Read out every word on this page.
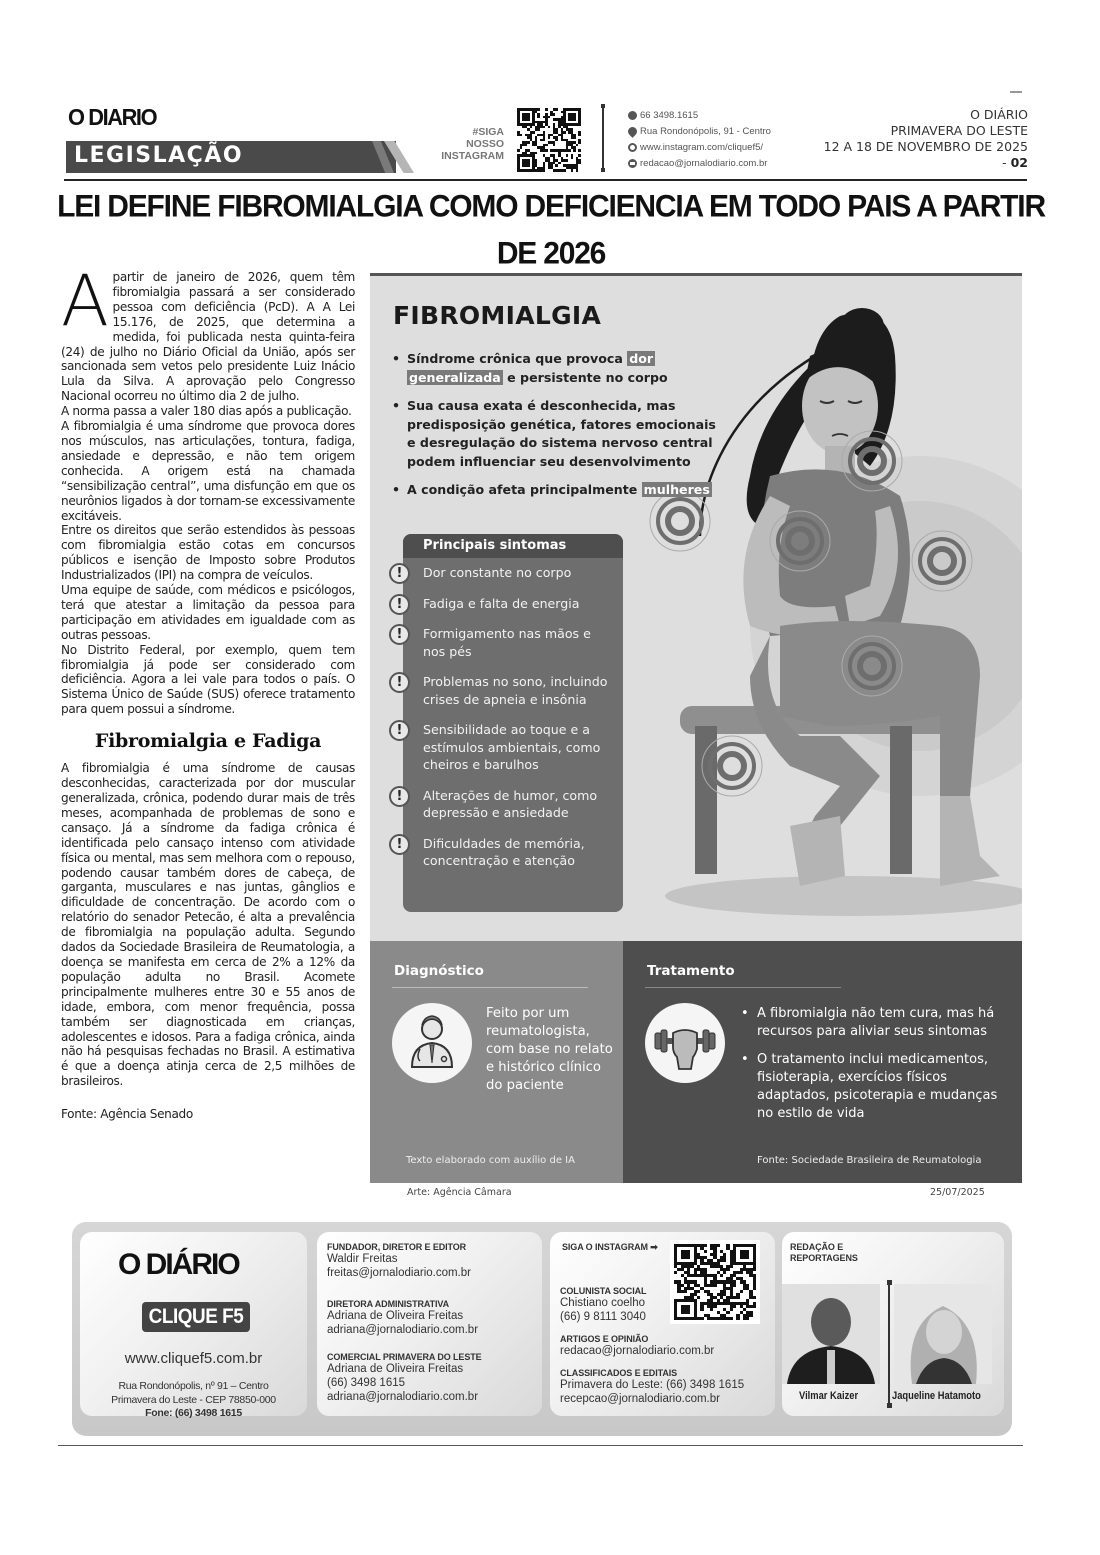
O DIARIO
LEGISLAÇÃO
#SIGA
NOSSO
INSTAGRAM
66 3498.1615
Rua Rondonópolis, 91 - Centro
www.instagram.com/cliquef5/
redacao@jornalodiario.com.br
O DIÁRIO
PRIMAVERA DO LESTE
12 A 18 DE NOVEMBRO DE 2025
- 02
LEI DEFINE FIBROMIALGIA COMO DEFICIENCIA EM TODO PAIS A PARTIR DE 2026

Apartir de janeiro de 2026, quem têm fibromialgia passará a ser considerado pessoa com deficiência (PcD). A A Lei 15.176, de 2025, que determina a medida, foi publicada nesta quinta-feira (24) de julho no Diário Oficial da União, após ser sancionada sem vetos pelo presidente Luiz Inácio Lula da Silva. A aprovação pelo Congresso Nacional ocorreu no último dia 2 de julho.

A norma passa a valer 180 dias após a publicação.

A fibromialgia é uma síndrome que provoca dores nos músculos, nas articulações, tontura, fadiga, ansiedade e depressão, e não tem origem conhecida. A origem está na chamada “sensibilização central”, uma disfunção em que os neurônios ligados à dor tornam-se excessivamente excitáveis.

Entre os direitos que serão estendidos às pessoas com fibromialgia estão cotas em concursos públicos e isenção de Imposto sobre Produtos Industrializados (IPI) na compra de veículos.

Uma equipe de saúde, com médicos e psicólogos, terá que atestar a limitação da pessoa para participação em atividades em igualdade com as outras pessoas.

No Distrito Federal, por exemplo, quem tem fibromialgia já pode ser considerado com deficiência. Agora a lei vale para todos o país. O Sistema Único de Saúde (SUS) oferece tratamento para quem possui a síndrome.

Fibromialgia e Fadiga

A fibromialgia é uma síndrome de causas desconhecidas, caracterizada por dor muscular generalizada, crônica, podendo durar mais de três meses, acompanhada de problemas de sono e cansaço. Já a síndrome da fadiga crônica é identificada pelo cansaço intenso com atividade física ou mental, mas sem melhora com o repouso, podendo causar também dores de cabeça, de garganta, musculares e nas juntas, gânglios e dificuldade de concentração. De acordo com o relatório do senador Petecão, é alta a prevalência de fibromialgia na população adulta. Segundo dados da Sociedade Brasileira de Reumatologia, a doença se manifesta em cerca de 2% a 12% da população adulta no Brasil. Acomete principalmente mulheres entre 30 e 55 anos de idade, embora, com menor frequência, possa também ser diagnosticada em crianças, adolescentes e idosos. Para a fadiga crônica, ainda não há pesquisas fechadas no Brasil. A estimativa é que a doença atinja cerca de 2,5 milhões de brasileiros.

Fonte: Agência Senado

FIBROMIALGIA
• Síndrome crônica que provoca dor generalizada e persistente no corpo
• Sua causa exata é desconhecida, mas predisposição genética, fatores emocionais e desregulação do sistema nervoso central podem influenciar seu desenvolvimento
• A condição afeta principalmente mulheres
Principais sintomas
!	Dor constante no corpo
!	Fadiga e falta de energia
!	Formigamento nas mãos e nos pés
!	Problemas no sono, incluindo crises de apneia e insônia
!	Sensibilidade ao toque e a estímulos ambientais, como cheiros e barulhos
!	Alterações de humor, como depressão e ansiedade
!	Dificuldades de memória, concentração e atenção
Diagnóstico
Feito por um reumatologista, com base no relato e histórico clínico do paciente
Texto elaborado com auxílio de IA
Tratamento
• A fibromialgia não tem cura, mas há recursos para aliviar seus sintomas
• O tratamento inclui medicamentos, fisioterapia, exercícios físicos adaptados, psicoterapia e mudanças no estilo de vida
Fonte: Sociedade Brasileira de Reumatologia
Arte: Agência Câmara	25/07/2025
O DIÁRIO
CLIQUE F5
www.cliquef5.com.br
Rua Rondonópolis, nº 91 – Centro
Primavera do Leste - CEP 78850-000
Fone: (66) 3498 1615
FUNDADOR, DIRETOR E EDITOR
Waldir Freitas
freitas@jornalodiario.com.br
DIRETORA ADMINISTRATIVA
Adriana de Oliveira Freitas
adriana@jornalodiario.com.br
COMERCIAL PRIMAVERA DO LESTE
Adriana de Oliveira Freitas
(66) 3498 1615
adriana@jornalodiario.com.br
SIGA O INSTAGRAM ➡
COLUNISTA SOCIAL
Chistiano coelho
(66) 9 8111 3040
ARTIGOS E OPINIÃO
redacao@jornalodiario.com.br
CLASSIFICADOS E EDITAIS
Primavera do Leste: (66) 3498 1615
recepcao@jornalodiario.com.br
REDAÇÃO E REPORTAGENS
Vilmar Kaizer	Jaqueline Hatamoto
